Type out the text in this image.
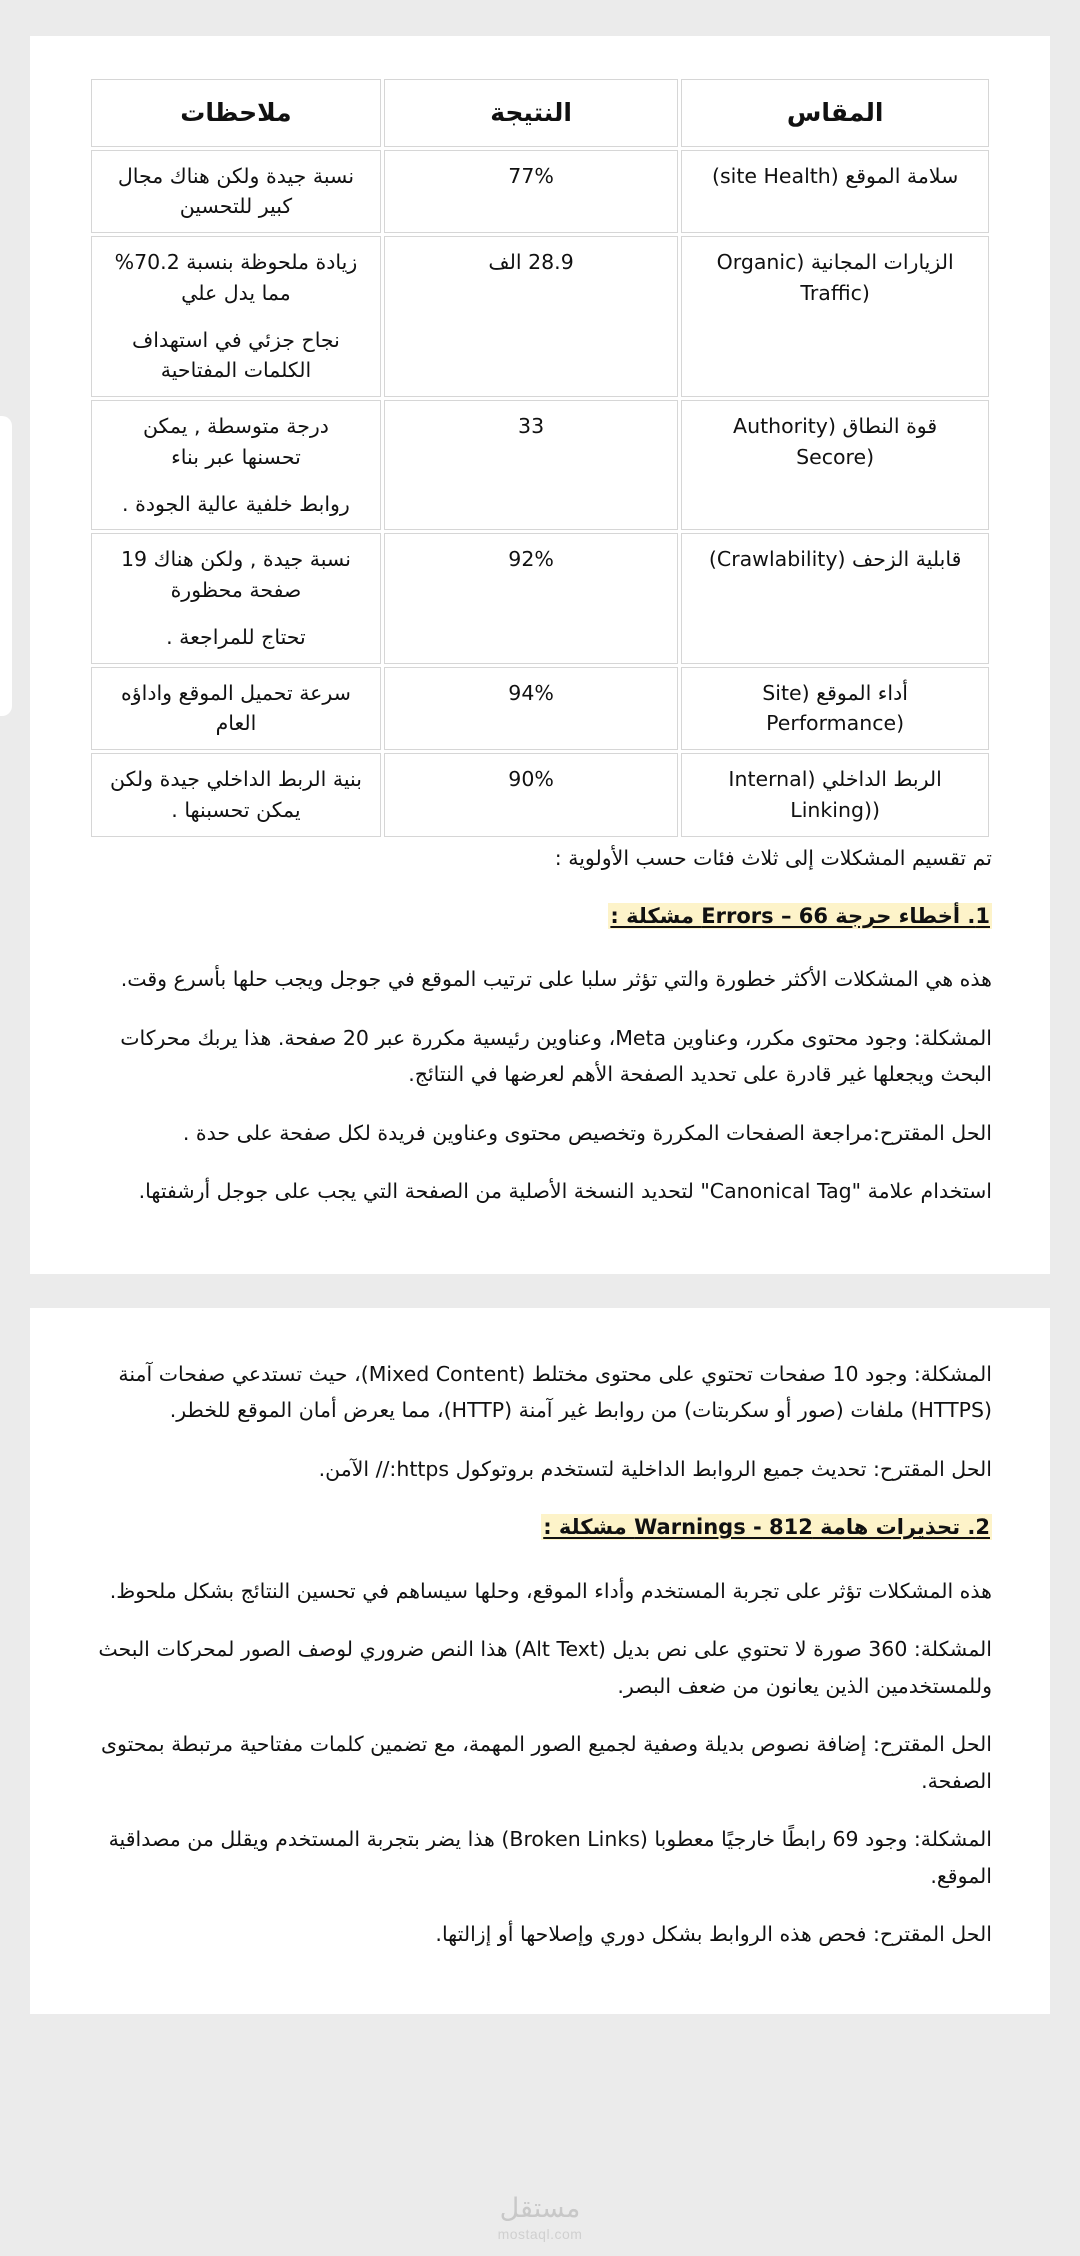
المقاس	النتيجة	ملاحظات

سلامة الموقع (site Health)	77%	نسبة جيدة ولكن هناك مجال
كبير للتحسين

الزيارات المجانية (Organic
(Traffic	28.9 الف	زيادة ملحوظة بنسبة 70.2%
مما يدل علي
نجاح جزئي في استهداف
الكلمات المفتاحية

قوة النطاق (Authority
(Secore	33	درجة متوسطة , يمكن
تحسنها عبر بناء
روابط خلفية عالية الجودة .

قابلية الزحف (Crawlability)	92%	نسبة جيدة , ولكن هناك 19
صفحة محظورة
تحتاج للمراجعة .

أداء الموقع (Site
(Performance	94%	سرعة تحميل الموقع واداؤه
العام

الربط الداخلي (Internal
((Linking	90%	بنية الربط الداخلي جيدة ولكن
يمكن تحسبنها .

تم تقسيم المشكلات إلى ثلاث فئات حسب الأولوية :

1. أخطاء حرجة Errors – 66 مشكلة :

هذه هي المشكلات الأكثر خطورة والتي تؤثر سلبا على ترتيب الموقع في جوجل ويجب حلها بأسرع وقت.

المشكلة: وجود محتوى مكرر، وعناوين Meta، وعناوين رئيسية مكررة عبر 20 صفحة. هذا يربك محركات البحث ويجعلها غير قادرة على تحديد الصفحة الأهم لعرضها في النتائج.

الحل المقترح:مراجعة الصفحات المكررة وتخصيص محتوى وعناوين فريدة لكل صفحة على حدة .

استخدام علامة "Canonical Tag" لتحديد النسخة الأصلية من الصفحة التي يجب على جوجل أرشفتها.

المشكلة: وجود 10 صفحات تحتوي على محتوى مختلط (Mixed Content)، حيث تستدعي صفحات آمنة (HTTPS) ملفات (صور أو سكربتات) من روابط غير آمنة (HTTP)، مما يعرض أمان الموقع للخطر.

الحل المقترح: تحديث جميع الروابط الداخلية لتستخدم بروتوكول https:// الآمن.

2. تحذيرات هامة Warnings - 812 مشكلة :

هذه المشكلات تؤثر على تجربة المستخدم وأداء الموقع، وحلها سيساهم في تحسين النتائج بشكل ملحوظ.

المشكلة: 360 صورة لا تحتوي على نص بديل (Alt Text) هذا النص ضروري لوصف الصور لمحركات البحث وللمستخدمين الذين يعانون من ضعف البصر.

الحل المقترح: إضافة نصوص بديلة وصفية لجميع الصور المهمة، مع تضمين كلمات مفتاحية مرتبطة بمحتوى الصفحة.

المشكلة: وجود 69 رابطًا خارجيًا معطوبا (Broken Links) هذا يضر بتجربة المستخدم ويقلل من مصداقية الموقع.

الحل المقترح: فحص هذه الروابط بشكل دوري وإصلاحها أو إزالتها.

مستقل
mostaql.com
